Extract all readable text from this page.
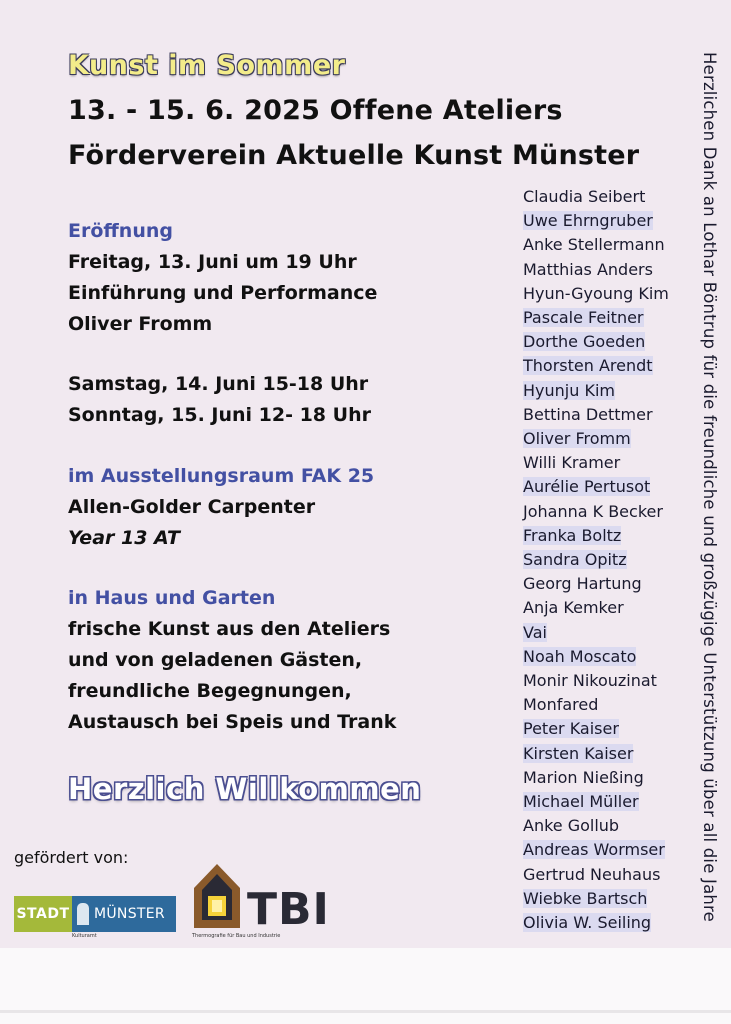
Kunst im Sommer
13. - 15. 6. 2025 Offene Ateliers
Förderverein Aktuelle Kunst Münster
Eröffnung
Freitag, 13. Juni um 19 Uhr
Einführung und Performance
Oliver Fromm
Samstag, 14. Juni 15-18 Uhr
Sonntag, 15. Juni 12- 18 Uhr
im Ausstellungsraum FAK 25
Allen-Golder Carpenter
Year 13 AT
in Haus und Garten
frische Kunst aus den Ateliers
und von geladenen Gästen,
freundliche Begegnungen,
Austausch bei Speis und Trank
Herzlich Willkommen
Claudia Seibert
Uwe Ehrngruber
Anke Stellermann
Matthias Anders
Hyun-Gyoung Kim
Pascale Feitner
Dorthe Goeden
Thorsten Arendt
Hyunju Kim
Bettina Dettmer
Oliver Fromm
Willi Kramer
Aurélie Pertusot
Johanna K Becker
Franka Boltz
Sandra Opitz
Georg Hartung
Anja Kemker
Vai
Noah Moscato
Monir Nikouzinat
Monfared
Peter Kaiser
Kirsten Kaiser
Marion Nießing
Michael Müller
Anke Gollub
Andreas Wormser
Gertrud Neuhaus
Wiebke Bartsch
Olivia W. Seiling
Herzlichen Dank an Lothar Böntrup für die freundliche und großzügige Unterstützung über all die Jahre
gefördert von:
STADT	MÜNSTER
Kulturamt
TBI
Thermografie für Bau und Industrie
